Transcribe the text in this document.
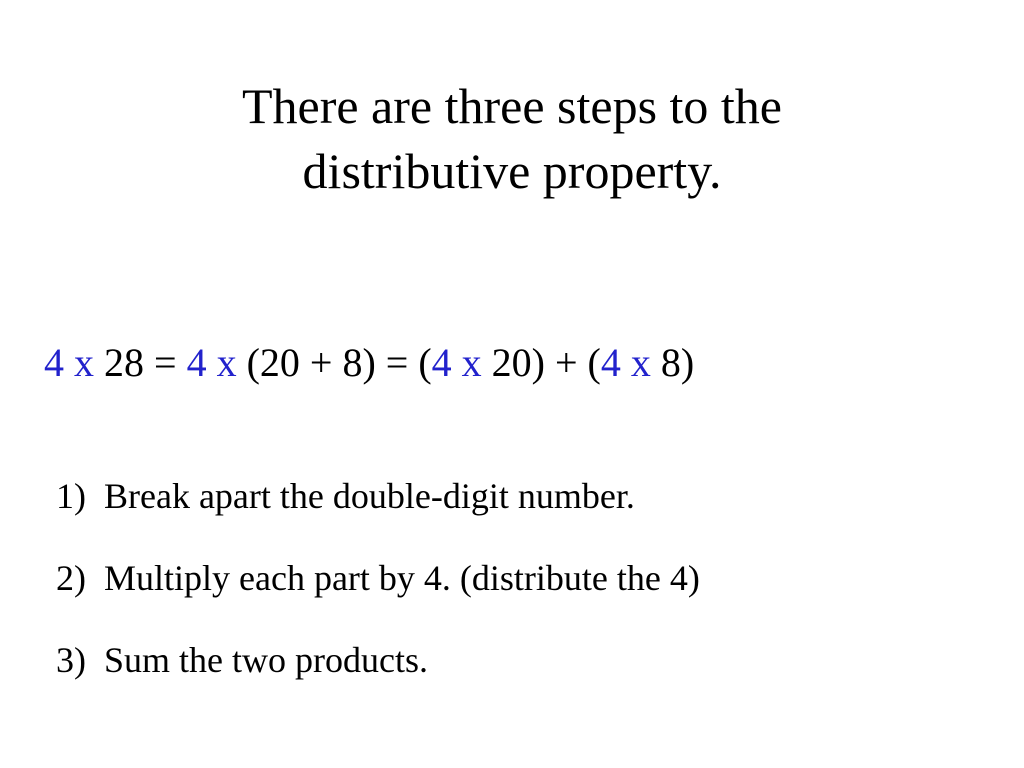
There are three steps to the
distributive property.
4 x 28 = 4 x (20 + 8) = (4 x 20) + (4 x 8)
1) Break apart the double-digit number.
2) Multiply each part by 4. (distribute the 4)
3) Sum the two products.
